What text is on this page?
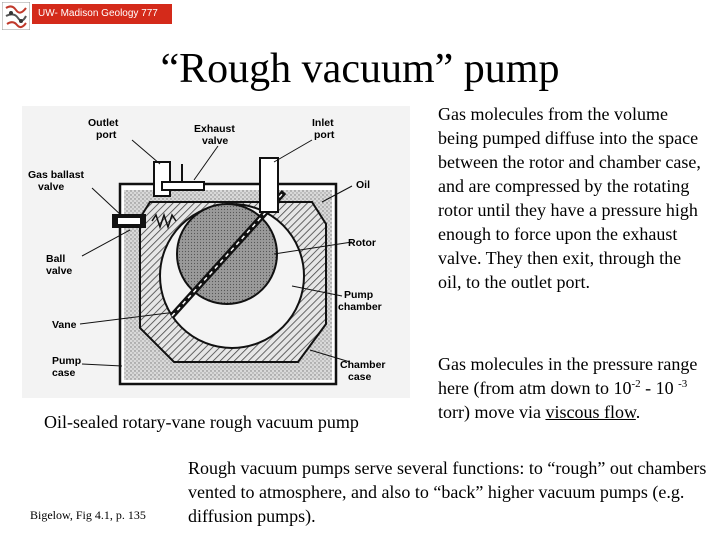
UW- Madison Geology 777
“Rough vacuum” pump
Outlet port	Exhaust valve
Inlet port
Gas ballast valve	Oil
Rotor
Ball valve
Pump chamber
Vane
Pump case
Chamber case
Oil-sealed rotary-vane rough vacuum pump
Bigelow, Fig 4.1, p. 135
Gas molecules from the volume being pumped diffuse into the space between the rotor and chamber case, and are compressed by the rotating rotor until they have a pressure high enough to force upon the exhaust valve. They then exit, through the oil, to the outlet port.
Gas molecules in the pressure range here (from atm down to $10^{-2} - 10$ $^{-3}$ torr) move via viscous flow.
Rough vacuum pumps serve several functions: to “rough” out chambers vented to atmosphere, and also to “back” higher vacuum pumps (e.g. diffusion pumps).
